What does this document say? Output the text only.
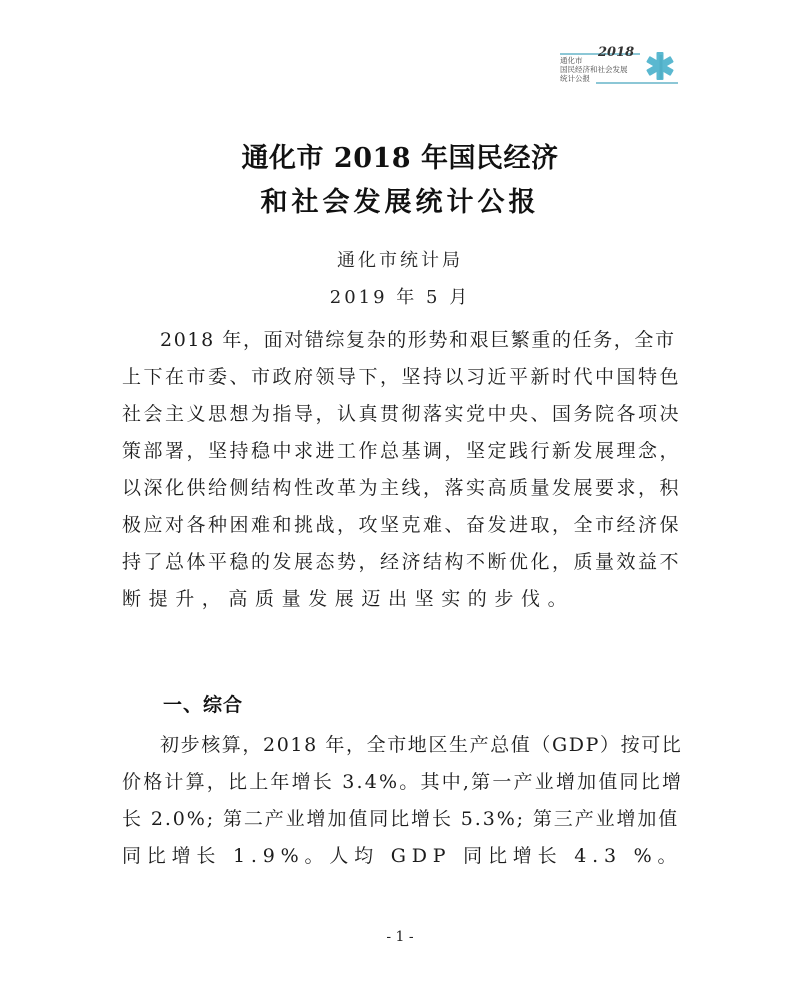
2018
通化市
国民经济和社会发展
统计公报
通化市 2018 年国民经济
和社会发展统计公报
通化市统计局
2019 年 5 月
2018 年，面对错综复杂的形势和艰巨繁重的任务，全市
上下在市委、市政府领导下，坚持以习近平新时代中国特色
社会主义思想为指导，认真贯彻落实党中央、国务院各项决
策部署，坚持稳中求进工作总基调，坚定践行新发展理念，
以深化供给侧结构性改革为主线，落实高质量发展要求，积
极应对各种困难和挑战，攻坚克难、奋发进取，全市经济保
持了总体平稳的发展态势，经济结构不断优化，质量效益不
断提升，高质量发展迈出坚实的步伐。
一、综合
初步核算，2018 年，全市地区生产总值（GDP）按可比
价格计算，比上年增长 3.4%。其中,第一产业增加值同比增
长 2.0%; 第二产业增加值同比增长 5.3%; 第三产业增加值
同比增长 1.9%。人均 GDP 同比增长 4.3 %。
- 1 -
